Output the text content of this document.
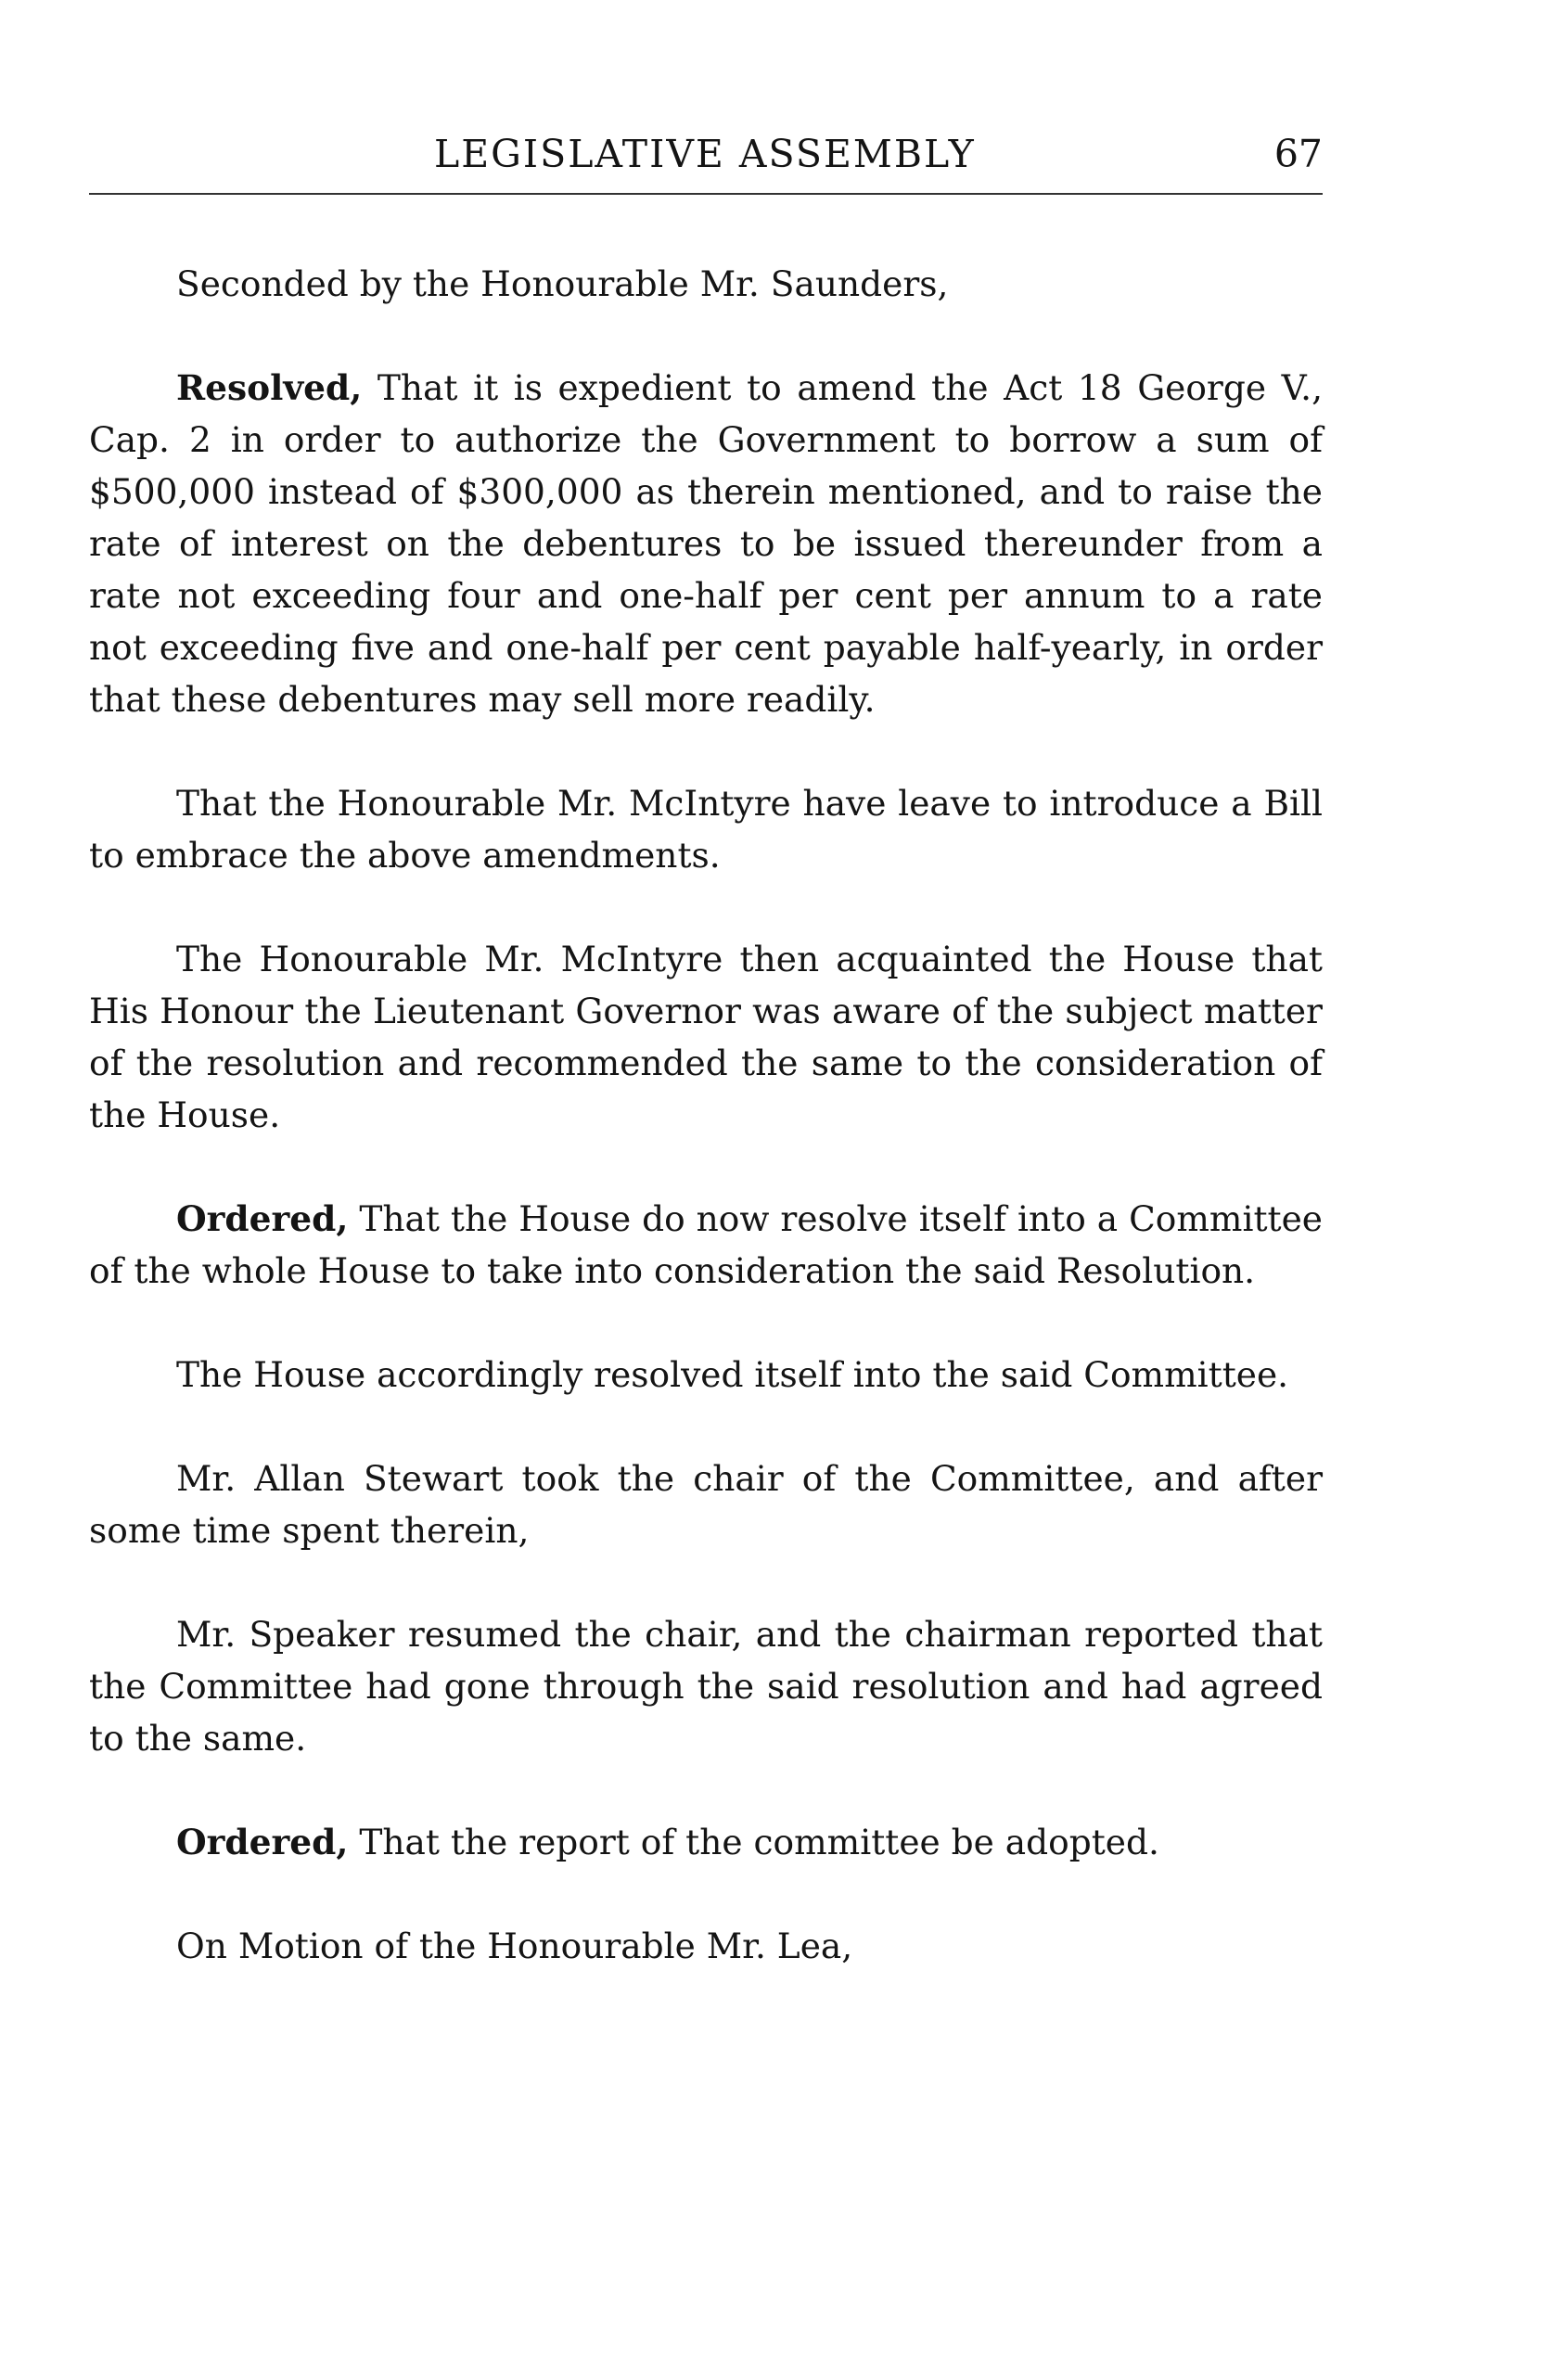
LEGISLATIVE ASSEMBLY	67

Seconded by the Honourable Mr. Saunders,

Resolved, That it is expedient to amend the Act 18 George V., Cap. 2 in order to authorize the Government to borrow a sum of $500,000 instead of $300,000 as therein mentioned, and to raise the rate of interest on the debentures to be issued thereunder from a rate not exceeding four and one-half per cent per annum to a rate not exceeding five and one-half per cent payable half-yearly, in order that these debentures may sell more readily.

That the Honourable Mr. McIntyre have leave to introduce a Bill to embrace the above amendments.

The Honourable Mr. McIntyre then acquainted the House that His Honour the Lieutenant Governor was aware of the subject matter of the resolution and recommended the same to the consideration of the House.

Ordered, That the House do now resolve itself into a Committee of the whole House to take into consideration the said Resolution.

The House accordingly resolved itself into the said Committee.

Mr. Allan Stewart took the chair of the Committee, and after some time spent therein,

Mr. Speaker resumed the chair, and the chairman reported that the Committee had gone through the said resolution and had agreed to the same.

Ordered, That the report of the committee be adopted.

On Motion of the Honourable Mr. Lea,
